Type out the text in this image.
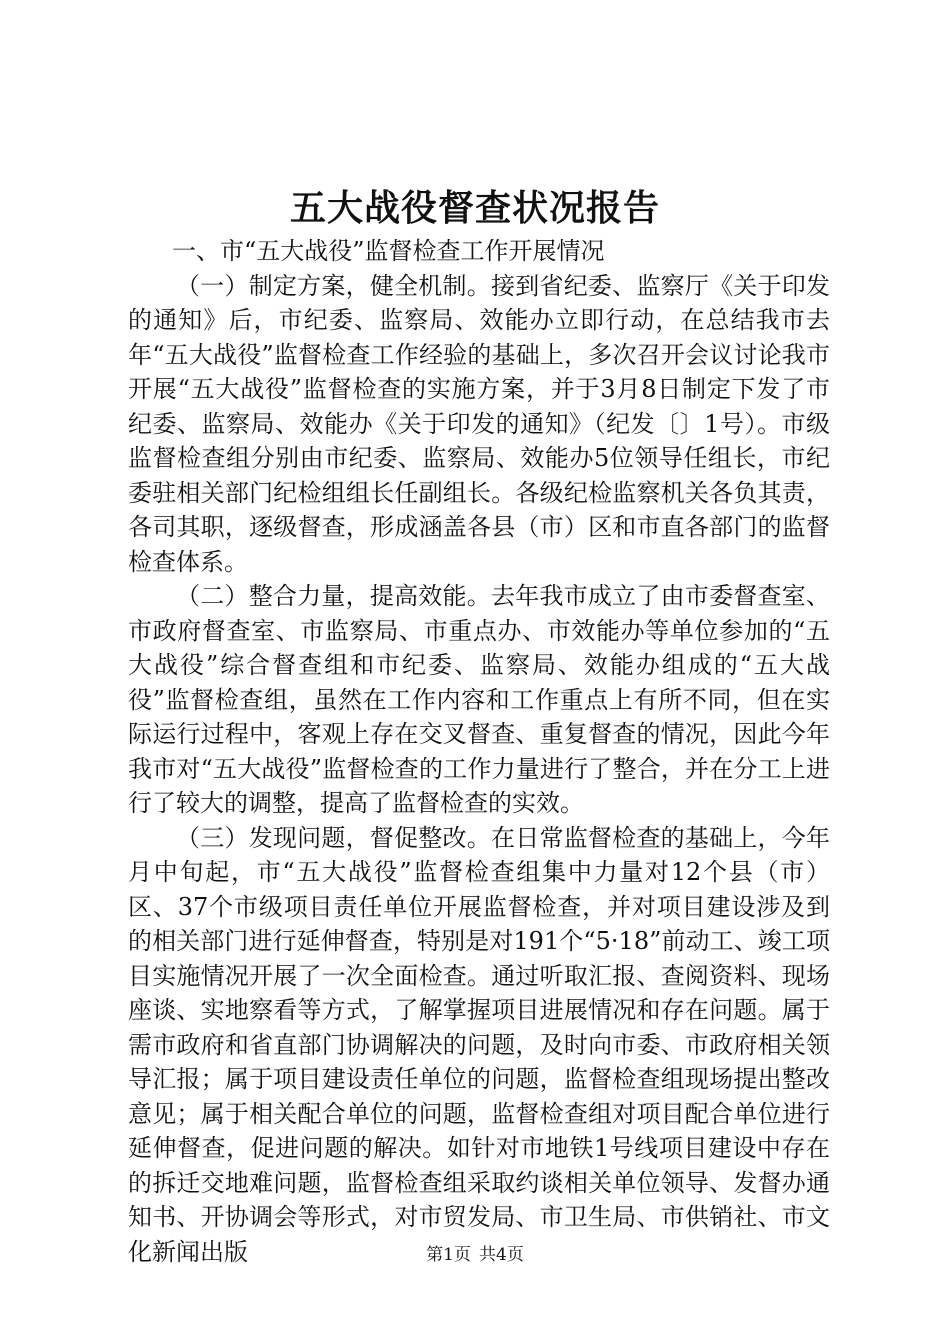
五大战役督查状况报告

一、市“五大战役”监督检查工作开展情况

（一）制定方案，健全机制。接到省纪委、监察厅《关于印发的通知》后，市纪委、监察局、效能办立即行动，在总结我市去年“五大战役”监督检查工作经验的基础上，多次召开会议讨论我市开展“五大战役”监督检查的实施方案，并于3月8日制定下发了市纪委、监察局、效能办《关于印发的通知》（纪发〔〕1号）。市级监督检查组分别由市纪委、监察局、效能办5位领导任组长，市纪委驻相关部门纪检组组长任副组长。各级纪检监察机关各负其责，各司其职，逐级督查，形成涵盖各县（市）区和市直各部门的监督检查体系。

（二）整合力量，提高效能。去年我市成立了由市委督查室、市政府督查室、市监察局、市重点办、市效能办等单位参加的“五大战役”综合督查组和市纪委、监察局、效能办组成的“五大战役”监督检查组，虽然在工作内容和工作重点上有所不同，但在实际运行过程中，客观上存在交叉督查、重复督查的情况，因此今年我市对“五大战役”监督检查的工作力量进行了整合，并在分工上进行了较大的调整，提高了监督检查的实效。

（三）发现问题，督促整改。在日常监督检查的基础上，今年月中旬起，市“五大战役”监督检查组集中力量对12个县（市）区、37个市级项目责任单位开展监督检查，并对项目建设涉及到的相关部门进行延伸督查，特别是对191个“5·18”前动工、竣工项目实施情况开展了一次全面检查。通过听取汇报、查阅资料、现场座谈、实地察看等方式，了解掌握项目进展情况和存在问题。属于需市政府和省直部门协调解决的问题，及时向市委、市政府相关领导汇报；属于项目建设责任单位的问题，监督检查组现场提出整改意见；属于相关配合单位的问题，监督检查组对项目配合单位进行延伸督查，促进问题的解决。如针对市地铁1号线项目建设中存在的拆迁交地难问题，监督检查组采取约谈相关单位领导、发督办通知书、开协调会等形式，对市贸发局、市卫生局、市供销社、市文化新闻出版	第1页 共4页
